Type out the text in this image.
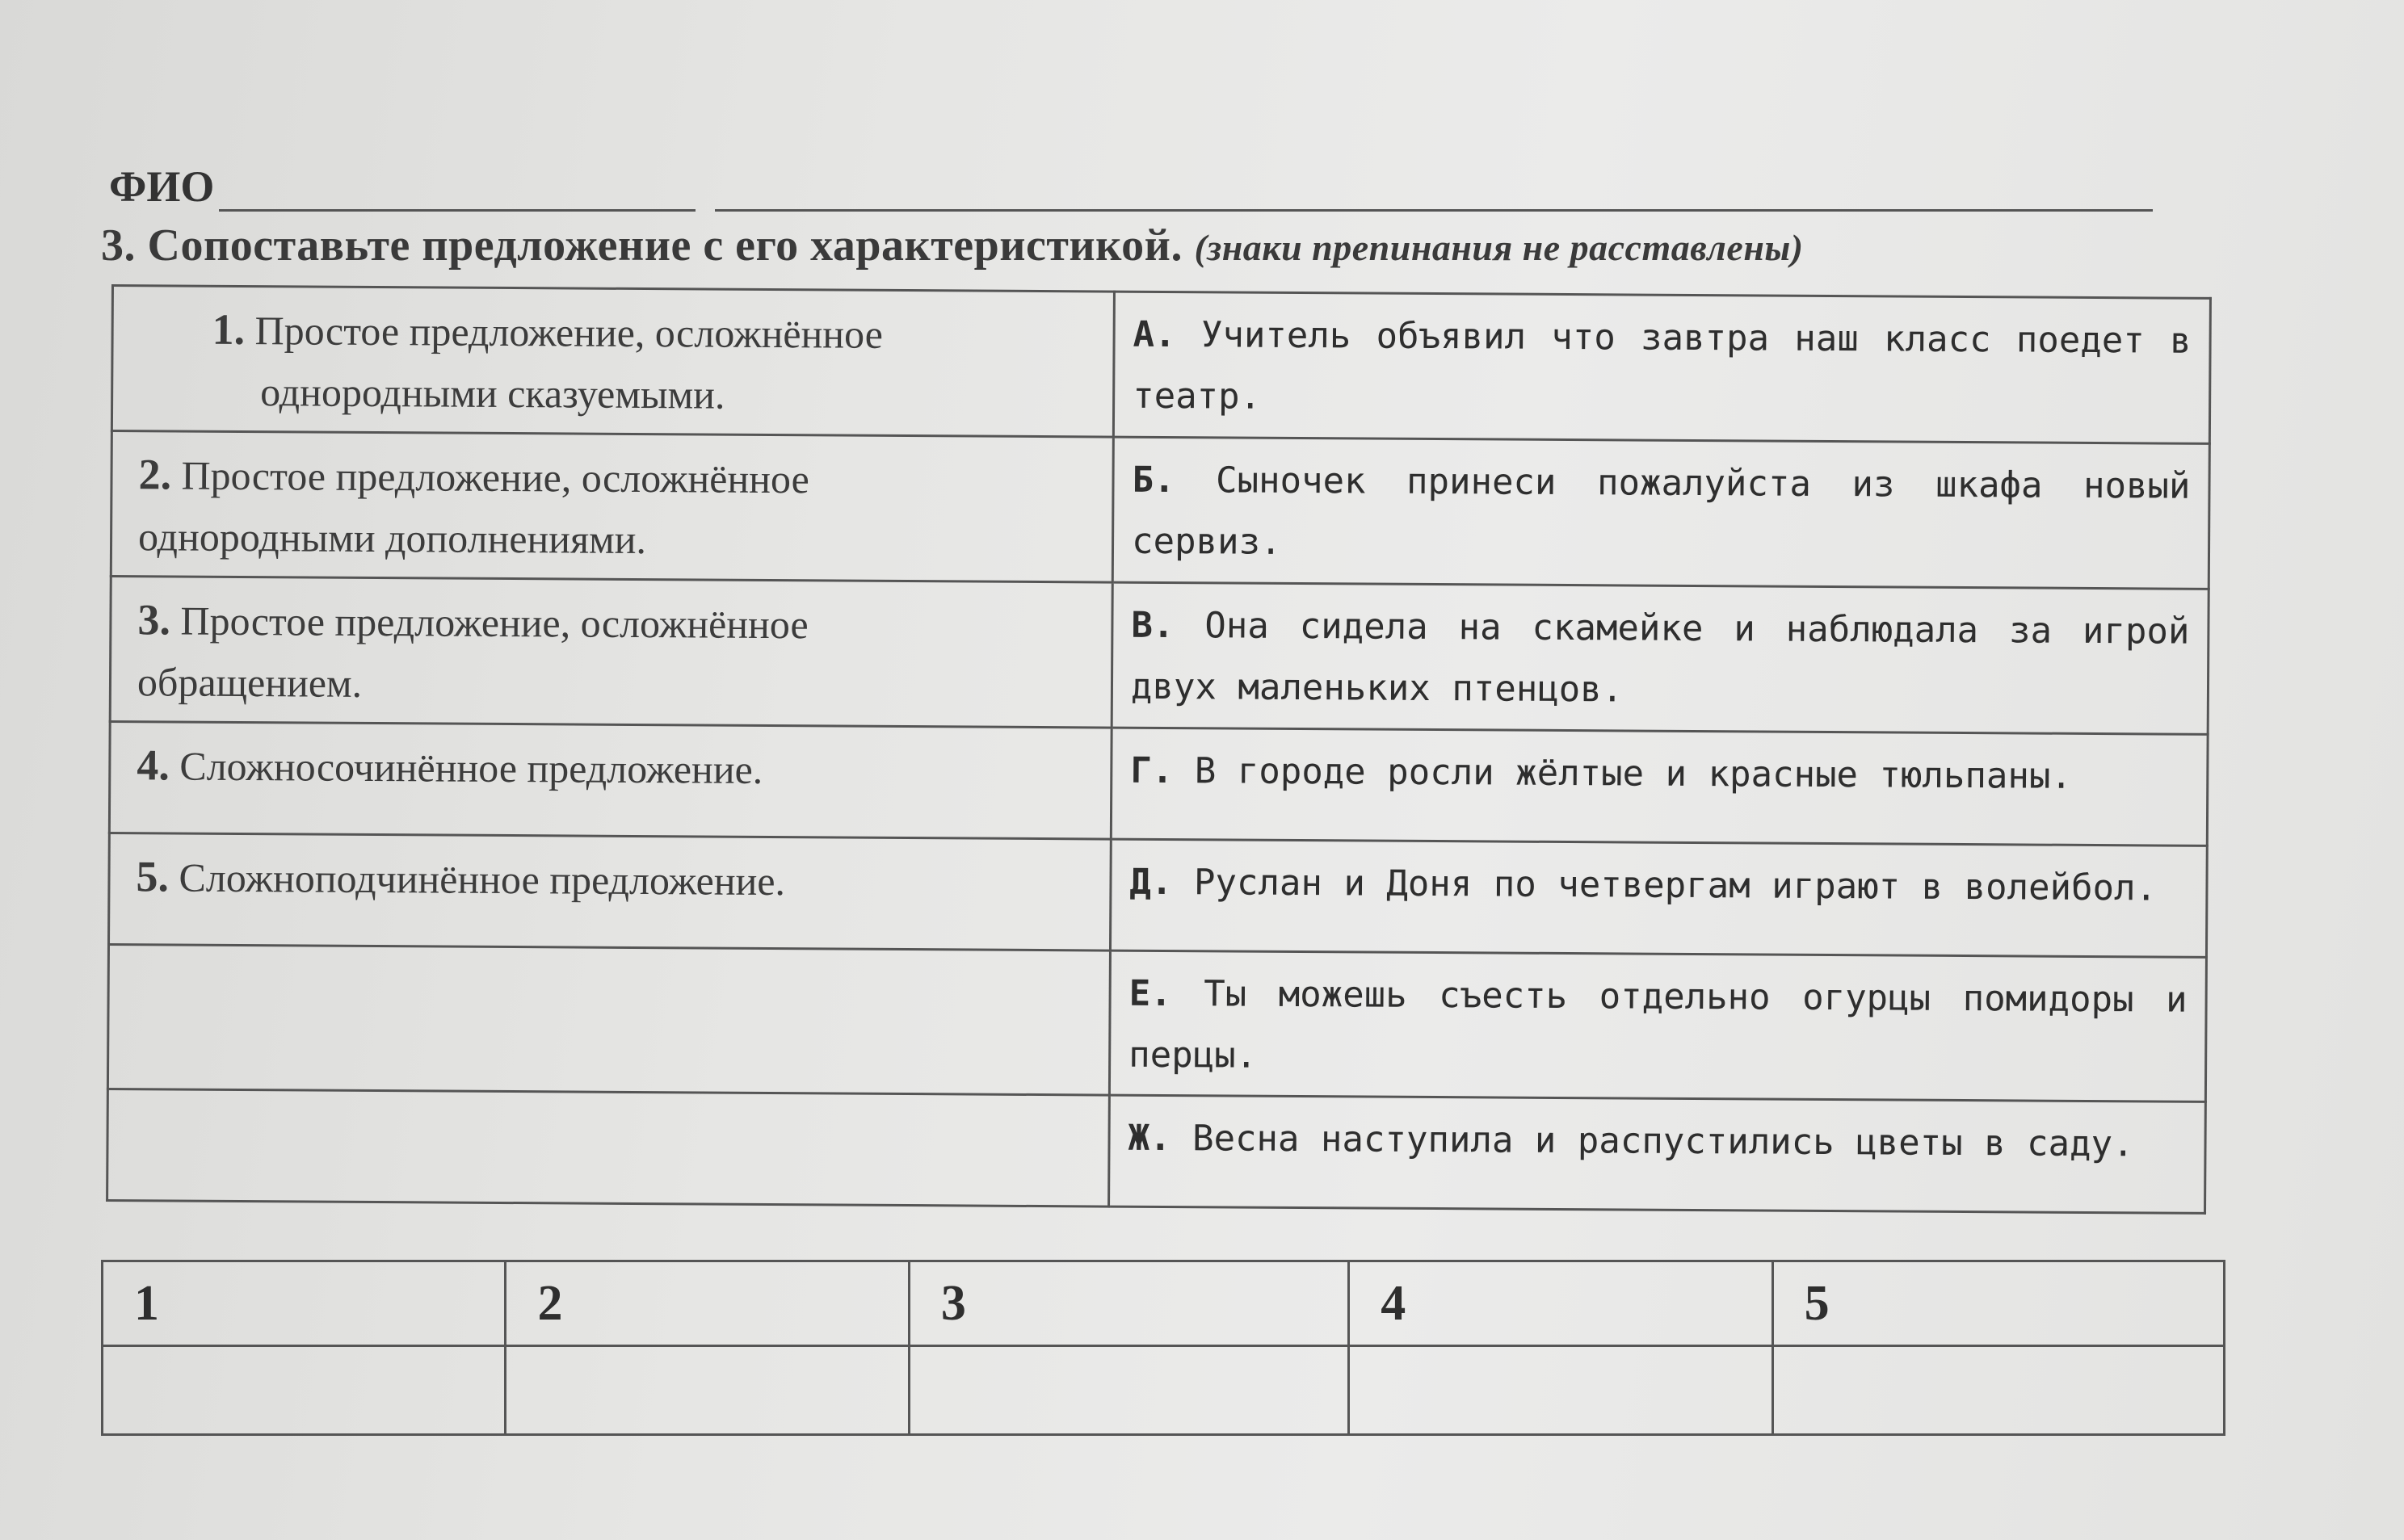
ФИО
3. Сопоставьте предложение с его характеристикой. (знаки препинания не расставлены)
1. Простое предложение, осложнённое
однородными сказуемыми.	А. Учитель объявил что завтра наш класс поедет в театр.

2. Простое предложение, осложнённое
однородными дополнениями.	Б. Сыночек принеси пожалуйста из шкафа новый сервиз.

3. Простое предложение, осложнённое
обращением.	В. Она сидела на скамейке и наблюдала за игрой двух маленьких птенцов.

4. Сложносочинённое предложение.	Г. В городе росли жёлтые и красные тюльпаны.

5. Сложноподчинённое предложение.	Д. Руслан и Доня по четвергам играют в волейбол.
	Е. Ты можешь съесть отдельно огурцы помидоры и перцы.
	Ж. Весна наступила и распустились цветы в саду.
1	2	3	4	5
